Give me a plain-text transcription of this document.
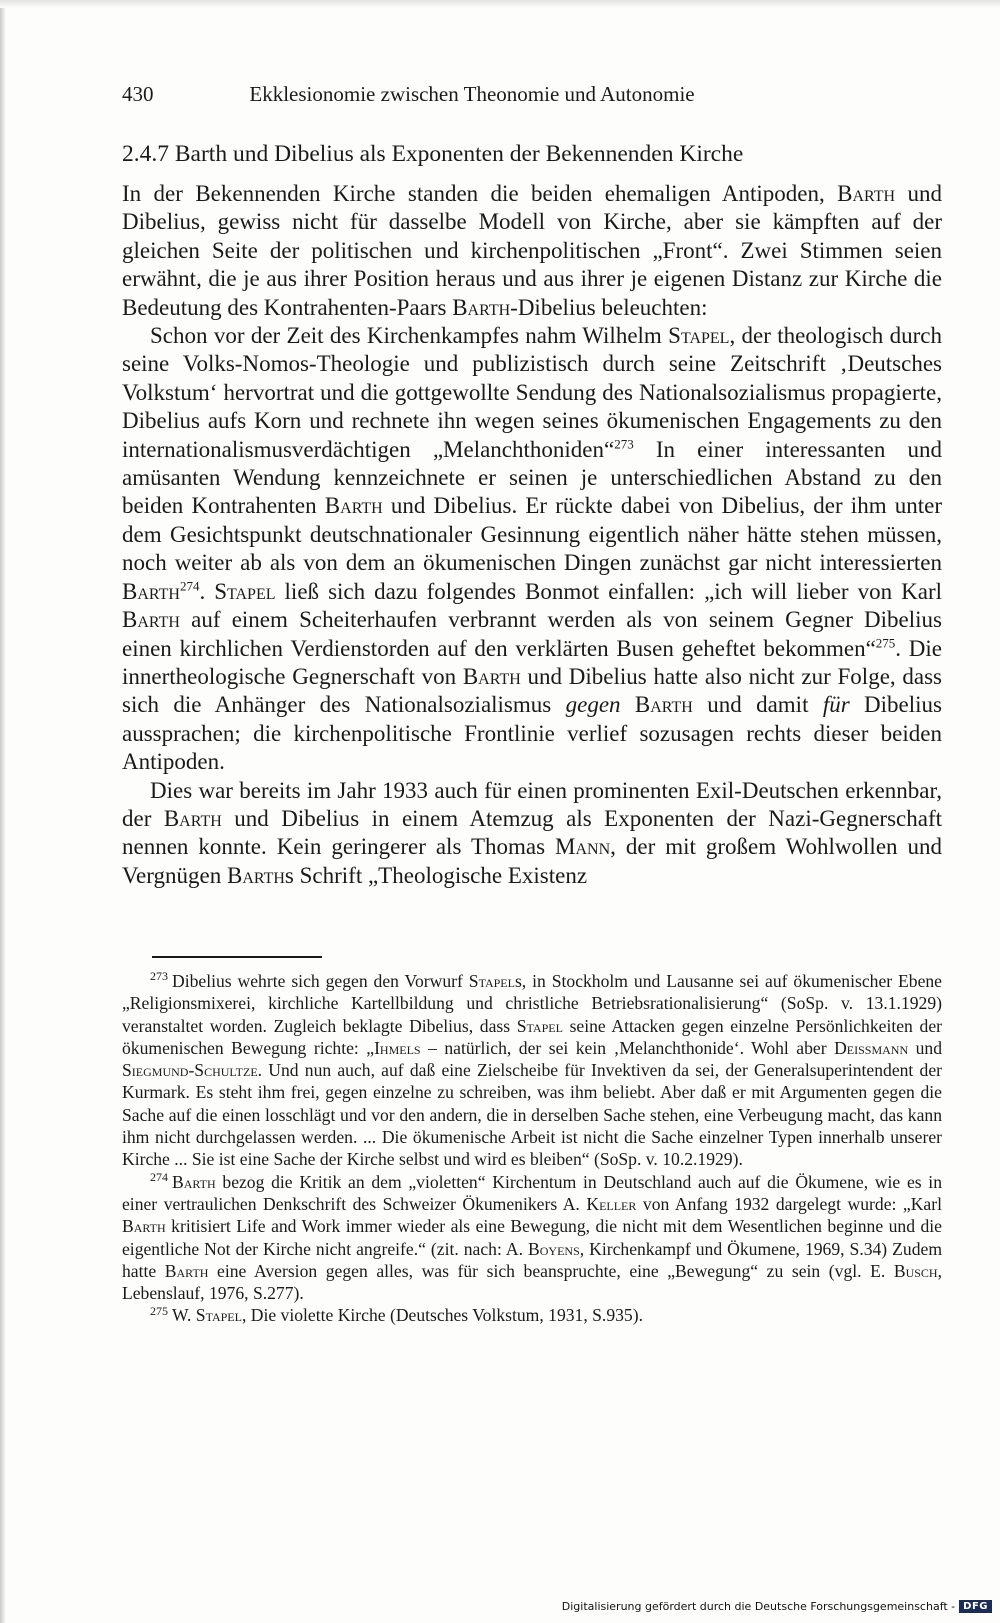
430	Ekklesionomie zwischen Theonomie und Autonomie
2.4.7 Barth und Dibelius als Exponenten der Bekennenden Kirche

In der Bekennenden Kirche standen die beiden ehemaligen Antipoden, Barth und Dibelius, gewiss nicht für dasselbe Modell von Kirche, aber sie kämpften auf der gleichen Seite der politischen und kirchenpolitischen „Front“. Zwei Stimmen seien erwähnt, die je aus ihrer Position heraus und aus ihrer je eigenen Distanz zur Kirche die Bedeutung des Kontrahenten-Paars Barth-Dibelius beleuchten:

Schon vor der Zeit des Kirchenkampfes nahm Wilhelm Stapel, der theologisch durch seine Volks-Nomos-Theologie und publizistisch durch seine Zeitschrift ‚Deutsches Volkstum‘ hervortrat und die gottgewollte Sendung des Nationalsozialismus propagierte, Dibelius aufs Korn und rechnete ihn wegen seines ökumenischen Engagements zu den internationalismusverdächtigen „Melanchthoniden“$^{273}$ In einer interessanten und amüsanten Wendung kennzeichnete er seinen je unterschiedlichen Abstand zu den beiden Kontrahenten Barth und Dibelius. Er rückte dabei von Dibelius, der ihm unter dem Gesichtspunkt deutschnationaler Gesinnung eigentlich näher hätte stehen müssen, noch weiter ab als von dem an ökumenischen Dingen zunächst gar nicht interessierten Barth$^{274}$. Stapel ließ sich dazu folgendes Bonmot einfallen: „ich will lieber von Karl Barth auf einem Scheiterhaufen verbrannt werden als von seinem Gegner Dibelius einen kirchlichen Verdienstorden auf den verklärten Busen geheftet bekommen“$^{275}$. Die innertheologische Gegnerschaft von Barth und Dibelius hatte also nicht zur Folge, dass sich die Anhänger des Nationalsozialismus gegen Barth und damit für Dibelius aussprachen; die kirchenpolitische Frontlinie verlief sozusagen rechts dieser beiden Antipoden.

Dies war bereits im Jahr 1933 auch für einen prominenten Exil-Deutschen erkennbar, der Barth und Dibelius in einem Atemzug als Exponenten der Nazi-Gegnerschaft nennen konnte. Kein geringerer als Thomas Mann, der mit großem Wohlwollen und Vergnügen Barths Schrift „Theologische Existenz

$^{273}$ Dibelius wehrte sich gegen den Vorwurf Stapels, in Stockholm und Lausanne sei auf ökumenischer Ebene „Religionsmixerei, kirchliche Kartellbildung und christliche Betriebsrationalisierung“ (SoSp. v. 13.1.1929) veranstaltet worden. Zugleich beklagte Dibelius, dass Stapel seine Attacken gegen einzelne Persönlichkeiten der ökumenischen Bewegung richte: „Ihmels – natürlich, der sei kein ‚Melanchthonide‘. Wohl aber Deissmann und Siegmund-Schultze. Und nun auch, auf daß eine Zielscheibe für Invektiven da sei, der Generalsuperintendent der Kurmark. Es steht ihm frei, gegen einzelne zu schreiben, was ihm beliebt. Aber daß er mit Argumenten gegen die Sache auf die einen losschlägt und vor den andern, die in derselben Sache stehen, eine Verbeugung macht, das kann ihm nicht durchgelassen werden. ... Die ökumenische Arbeit ist nicht die Sache einzelner Typen innerhalb unserer Kirche ... Sie ist eine Sache der Kirche selbst und wird es bleiben“ (SoSp. v. 10.2.1929).

$^{274}$ Barth bezog die Kritik an dem „violetten“ Kirchentum in Deutschland auch auf die Ökumene, wie es in einer vertraulichen Denkschrift des Schweizer Ökumenikers A. Keller von Anfang 1932 dargelegt wurde: „Karl Barth kritisiert Life and Work immer wieder als eine Bewegung, die nicht mit dem Wesentlichen beginne und die eigentliche Not der Kirche nicht angreife.“ (zit. nach: A. Boyens, Kirchenkampf und Ökumene, 1969, S.34) Zudem hatte Barth eine Aversion gegen alles, was für sich beanspruchte, eine „Bewegung“ zu sein (vgl. E. Busch, Lebenslauf, 1976, S.277).

$^{275}$ W. Stapel, Die violette Kirche (Deutsches Volkstum, 1931, S.935).

Digitalisierung gefördert durch die Deutsche Forschungsgemeinschaft - DFG
